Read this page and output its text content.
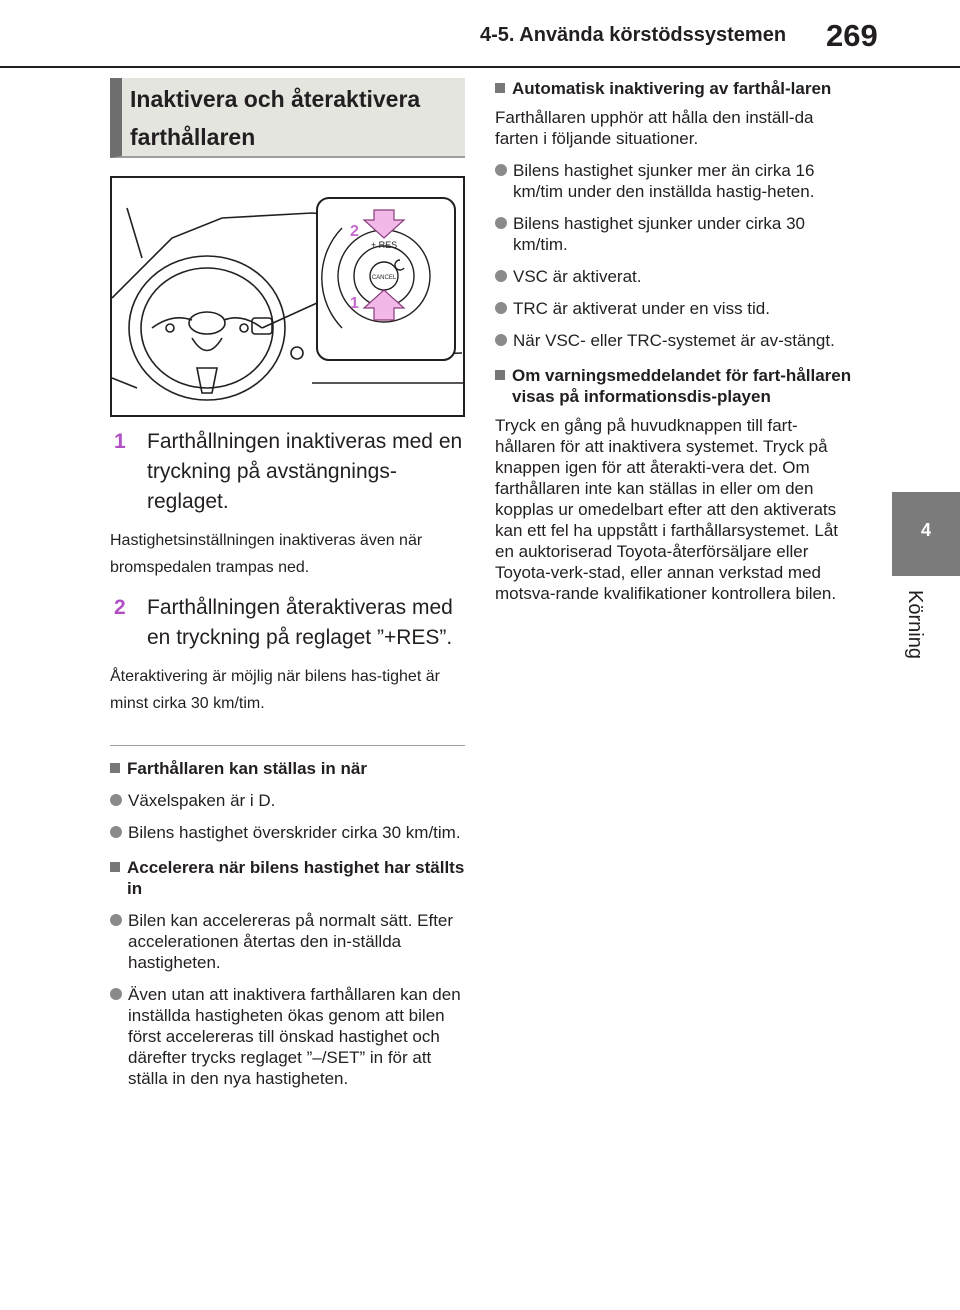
4-5. Använda körstödssystemen 269
4
Körning

Inaktivera och återaktivera

farthållaren

+ RES
CANCEL
2
1
1	Farthållningen inaktiveras med en tryckning på avstängnings-reglaget.

Hastighetsinställningen inaktiveras även när bromspedalen trampas ned.

2	Farthållningen återaktiveras med en tryckning på reglaget ”+RES”.

Återaktivering är möjlig när bilens has-tighet är minst cirka 30 km/tim.

Farthållaren kan ställas in när
Växelspaken är i D.
Bilens hastighet överskrider cirka 30 km/tim.
Accelerera när bilens hastighet har ställts in
Bilen kan accelereras på normalt sätt. Efter accelerationen återtas den in-ställda hastigheten.
Även utan att inaktivera farthållaren kan den inställda hastigheten ökas genom att bilen först accelereras till önskad hastighet och därefter trycks reglaget ”–/SET” in för att ställa in den nya hastigheten.
Automatisk inaktivering av farthål-laren
Farthållaren upphör att hålla den inställ-da farten i följande situationer.
Bilens hastighet sjunker mer än cirka 16 km/tim under den inställda hastig-heten.
Bilens hastighet sjunker under cirka 30 km/tim.
VSC är aktiverat.
TRC är aktiverat under en viss tid.
När VSC- eller TRC-systemet är av-stängt.
Om varningsmeddelandet för fart-hållaren visas på informationsdis-playen
Tryck en gång på huvudknappen till fart-hållaren för att inaktivera systemet. Tryck på knappen igen för att återakti-vera det. Om farthållaren inte kan ställas in eller om den kopplas ur omedelbart efter att den aktiverats kan ett fel ha uppstått i farthållarsystemet. Låt en auktoriserad Toyota-återförsäljare eller Toyota-verk-stad, eller annan verkstad med motsva-rande kvalifikationer kontrollera bilen.
